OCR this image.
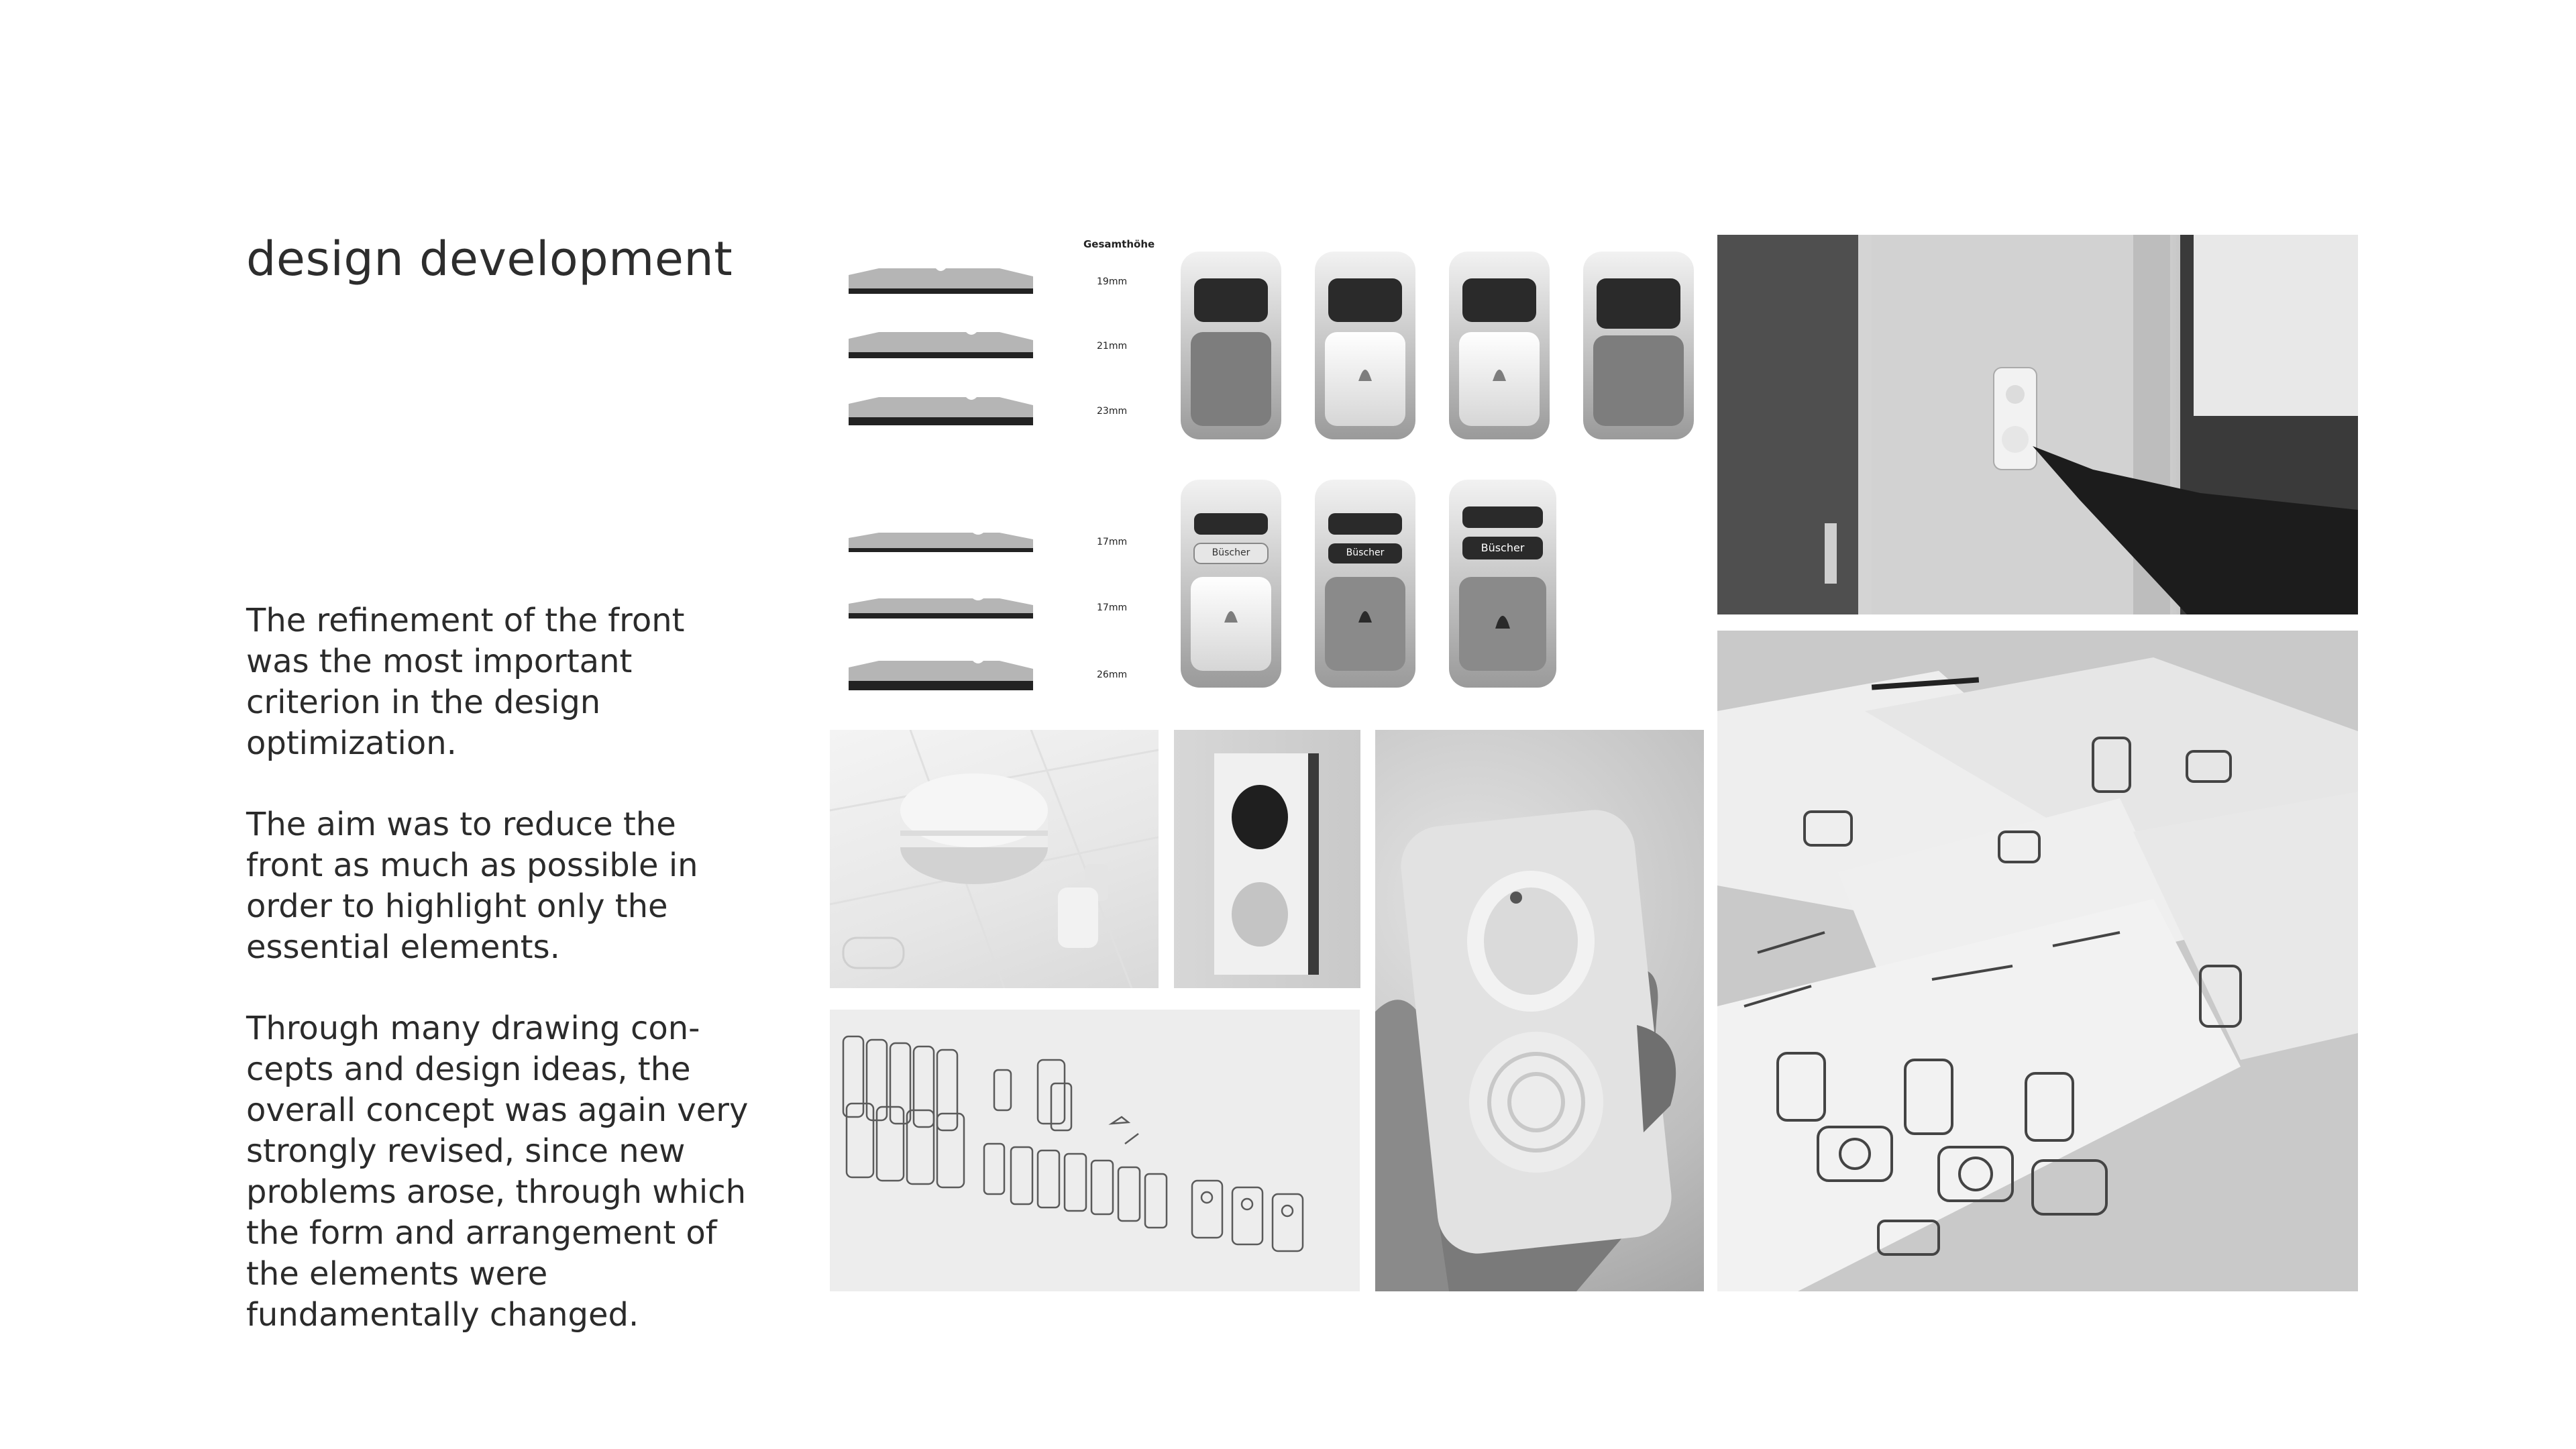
design development

The refinement of the front was the most important criterion in the design optimization.

The aim was to reduce the front as much as possible in order to highlight only the essential elements.

Through many drawing con- cepts and design ideas, the overall concept was again very strongly revised, since new problems arose, through which the form and arrangement of the elements were fundamentally changed.

Gesamthöhe
19mm
21mm
23mm
17mm
17mm
26mm
Büscher	Büscher	Büscher
